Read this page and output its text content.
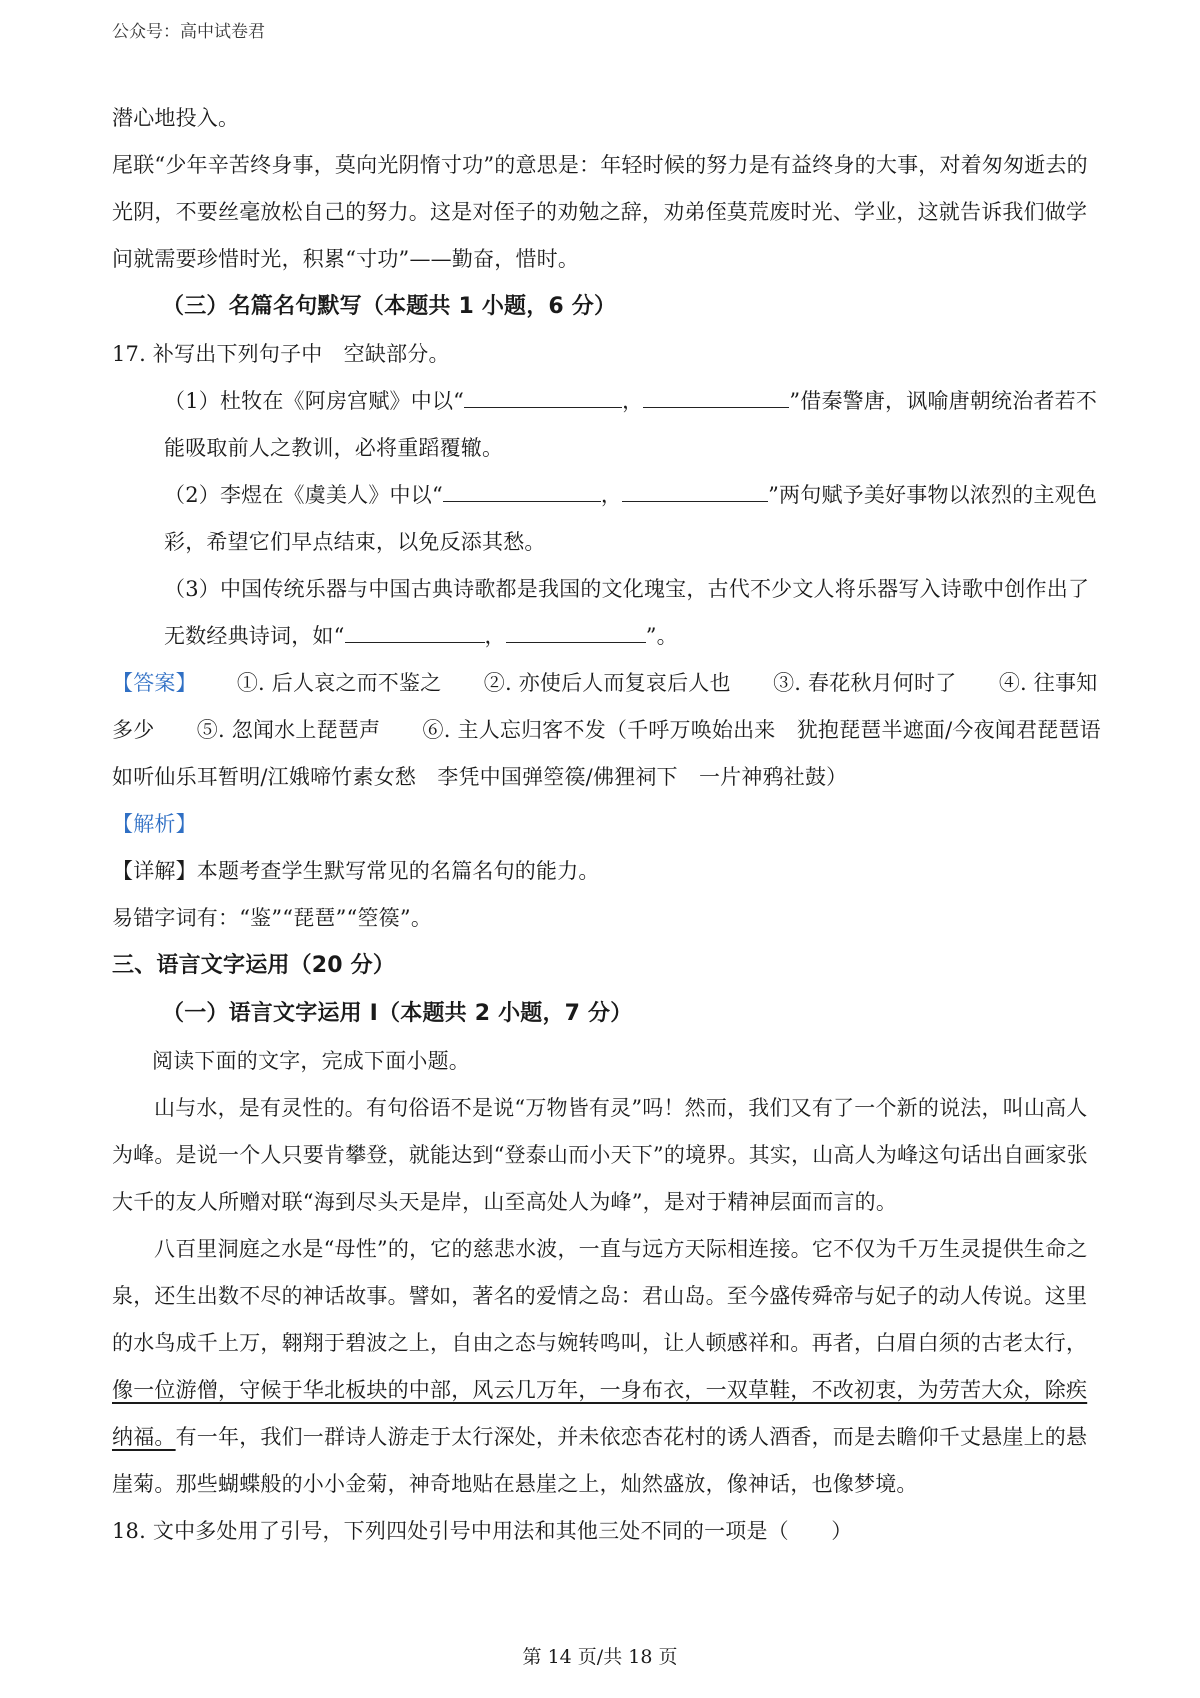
公众号：高中试卷君

潜心地投入。

尾联“少年辛苦终身事，莫向光阴惰寸功”的意思是：年轻时候的努力是有益终身的大事，对着匆匆逝去的光阴，不要丝毫放松自己的努力。这是对侄子的劝勉之辞，劝弟侄莫荒废时光、学业，这就告诉我们做学问就需要珍惜时光，积累“寸功”——勤奋，惜时。

（三）名篇名句默写（本题共 1 小题，6 分）

17. 补写出下列句子中　空缺部分。

（1）杜牧在《阿房宫赋》中以“	，	”借秦警唐，讽喻唐朝统治者若不能吸取前人之教训，必将重蹈覆辙。

（2）李煜在《虞美人》中以“	，	”两句赋予美好事物以浓烈的主观色彩，希望它们早点结束，以免反添其愁。

（3）中国传统乐器与中国古典诗歌都是我国的文化瑰宝，古代不少文人将乐器写入诗歌中创作出了无数经典诗词，如“	，	”。

【答案】 ①. 后人哀之而不鉴之　　②. 亦使后人而复哀后人也　　③. 春花秋月何时了　　④. 往事知多少　　⑤. 忽闻水上琵琶声　　⑥. 主人忘归客不发（千呼万唤始出来　犹抱琵琶半遮面/今夜闻君琵琶语　如听仙乐耳暂明/江娥啼竹素女愁　李凭中国弹箜篌/佛狸祠下　一片神鸦社鼓）

【解析】

【详解】本题考查学生默写常见的名篇名句的能力。

易错字词有：“鉴”“琵琶”“箜篌”。

三、语言文字运用（20 分）

（一）语言文字运用 I（本题共 2 小题，7 分）

阅读下面的文字，完成下面小题。

山与水，是有灵性的。有句俗语不是说“万物皆有灵”吗！然而，我们又有了一个新的说法，叫山高人为峰。是说一个人只要肯攀登，就能达到“登泰山而小天下”的境界。其实，山高人为峰这句话出自画家张大千的友人所赠对联“海到尽头天是岸，山至高处人为峰”，是对于精神层面而言的。

八百里洞庭之水是“母性”的，它的慈悲水波，一直与远方天际相连接。它不仅为千万生灵提供生命之泉，还生出数不尽的神话故事。譬如，著名的爱情之岛：君山岛。至今盛传舜帝与妃子的动人传说。这里的水鸟成千上万，翱翔于碧波之上，自由之态与婉转鸣叫，让人顿感祥和。再者，白眉白须的古老太行，像一位游僧，守候于华北板块的中部，风云几万年，一身布衣，一双草鞋，不改初衷，为劳苦大众，除疾纳福。有一年，我们一群诗人游走于太行深处，并未依恋杏花村的诱人酒香，而是去瞻仰千丈悬崖上的悬崖菊。那些蝴蝶般的小小金菊，神奇地贴在悬崖之上，灿然盛放，像神话，也像梦境。

18. 文中多处用了引号，下列四处引号中用法和其他三处不同的一项是（　　）

第 14 页/共 18 页
